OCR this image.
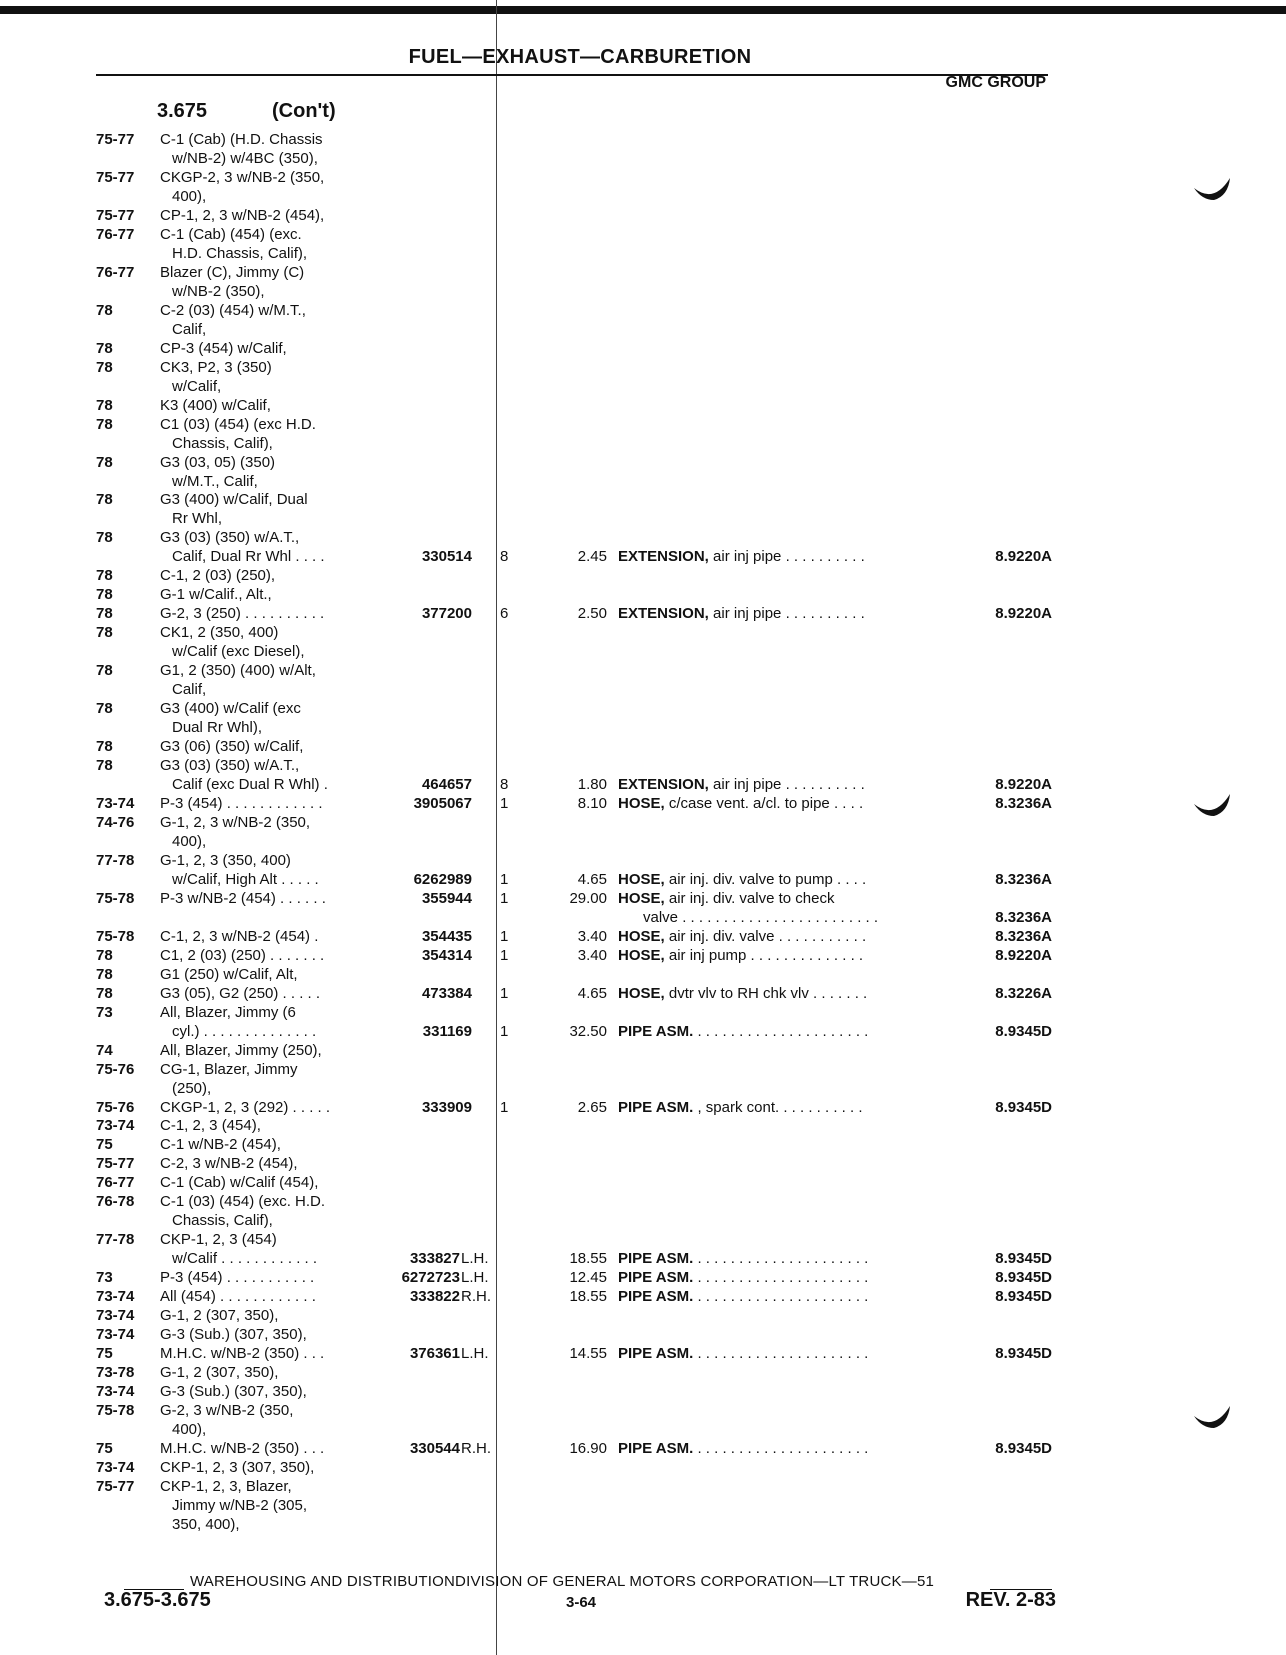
FUEL—EXHAUST—CARBURETION
GMC GROUP
3.675	(Con't)
75-77 C-1 (Cab) (H.D. Chassis
w/NB-2) w/4BC (350),
75-77 CKGP-2, 3 w/NB-2 (350,
400),
75-77 CP-1, 2, 3 w/NB-2 (454),
76-77 C-1 (Cab) (454) (exc.
H.D. Chassis, Calif),
76-77 Blazer (C), Jimmy (C)
w/NB-2 (350),
78	C-2 (03) (454) w/M.T.,
Calif,
78	CP-3 (454) w/Calif,
78	CK3, P2, 3 (350)
w/Calif,
78	K3 (400) w/Calif,
78	C1 (03) (454) (exc H.D.
Chassis, Calif),
78	G3 (03, 05) (350)
w/M.T., Calif,
78	G3 (400) w/Calif, Dual
Rr Whl,
78	G3 (03) (350) w/A.T.,
Calif, Dual Rr Whl . . . .	330514 8	2.45 EXTENSION, air inj pipe . . . . . . . . . .	8.9220A
78	C-1, 2 (03) (250),
78	G-1 w/Calif., Alt.,
78	G-2, 3 (250) . . . . . . . . . .	377200 6	2.50 EXTENSION, air inj pipe . . . . . . . . . .	8.9220A
78	CK1, 2 (350, 400)
w/Calif (exc Diesel),
78	G1, 2 (350) (400) w/Alt,
Calif,
78	G3 (400) w/Calif (exc
Dual Rr Whl),
78	G3 (06) (350) w/Calif,
78	G3 (03) (350) w/A.T.,
Calif (exc Dual R Whl) .	464657 8	1.80 EXTENSION, air inj pipe . . . . . . . . . .	8.9220A
73-74 P-3 (454) . . . . . . . . . . . .	3905067 1	8.10 HOSE, c/case vent. a/cl. to pipe . . . .	8.3236A
74-76 G-1, 2, 3 w/NB-2 (350,
400),
77-78 G-1, 2, 3 (350, 400)
w/Calif, High Alt . . . . .	6262989 1	4.65 HOSE, air inj. div. valve to pump . . . .	8.3236A
75-78 P-3 w/NB-2 (454) . . . . . .	355944 1	29.00 HOSE, air inj. div. valve to check
valve . . . . . . . . . . . . . . . . . . . . . . . .	8.3236A
75-78 C-1, 2, 3 w/NB-2 (454) .	354435 1	3.40 HOSE, air inj. div. valve . . . . . . . . . . .	8.3236A
78	C1, 2 (03) (250) . . . . . . .	354314 1	3.40 HOSE, air inj pump . . . . . . . . . . . . . .	8.9220A
78	G1 (250) w/Calif, Alt,
78	G3 (05), G2 (250) . . . . .	473384 1	4.65 HOSE, dvtr vlv to RH chk vlv . . . . . . .	8.3226A
73	All, Blazer, Jimmy (6
cyl.) . . . . . . . . . . . . . .	331169 1	32.50 PIPE ASM. . . . . . . . . . . . . . . . . . . . . .	8.9345D
74	All, Blazer, Jimmy (250),
75-76 CG-1, Blazer, Jimmy
(250),
75-76 CKGP-1, 2, 3 (292) . . . . .	333909 1	2.65 PIPE ASM. , spark cont. . . . . . . . . . .	8.9345D
73-74 C-1, 2, 3 (454),
75	C-1 w/NB-2 (454),
75-77 C-2, 3 w/NB-2 (454),
76-77 C-1 (Cab) w/Calif (454),
76-78 C-1 (03) (454) (exc. H.D.
Chassis, Calif),
77-78 CKP-1, 2, 3 (454)
w/Calif . . . . . . . . . . . .	333827 L.H.	18.55 PIPE ASM. . . . . . . . . . . . . . . . . . . . . .	8.9345D
73	P-3 (454) . . . . . . . . . . .	6272723 L.H.	12.45 PIPE ASM. . . . . . . . . . . . . . . . . . . . . .	8.9345D
73-74 All (454) . . . . . . . . . . . .	333822 R.H.	18.55 PIPE ASM. . . . . . . . . . . . . . . . . . . . . .	8.9345D
73-74 G-1, 2 (307, 350),
73-74 G-3 (Sub.) (307, 350),
75	M.H.C. w/NB-2 (350) . . .	376361 L.H.	14.55 PIPE ASM. . . . . . . . . . . . . . . . . . . . . .	8.9345D
73-78 G-1, 2 (307, 350),
73-74 G-3 (Sub.) (307, 350),
75-78 G-2, 3 w/NB-2 (350,
400),
75	M.H.C. w/NB-2 (350) . . .	330544 R.H.	16.90 PIPE ASM. . . . . . . . . . . . . . . . . . . . . .	8.9345D
73-74 CKP-1, 2, 3 (307, 350),
75-77 CKP-1, 2, 3, Blazer,
Jimmy w/NB-2 (305,
350, 400),
WAREHOUSING AND DISTRIBUTIONDIVISION OF GENERAL MOTORS CORPORATION—LT TRUCK—51
3.675-3.675	3-64	REV. 2-83
